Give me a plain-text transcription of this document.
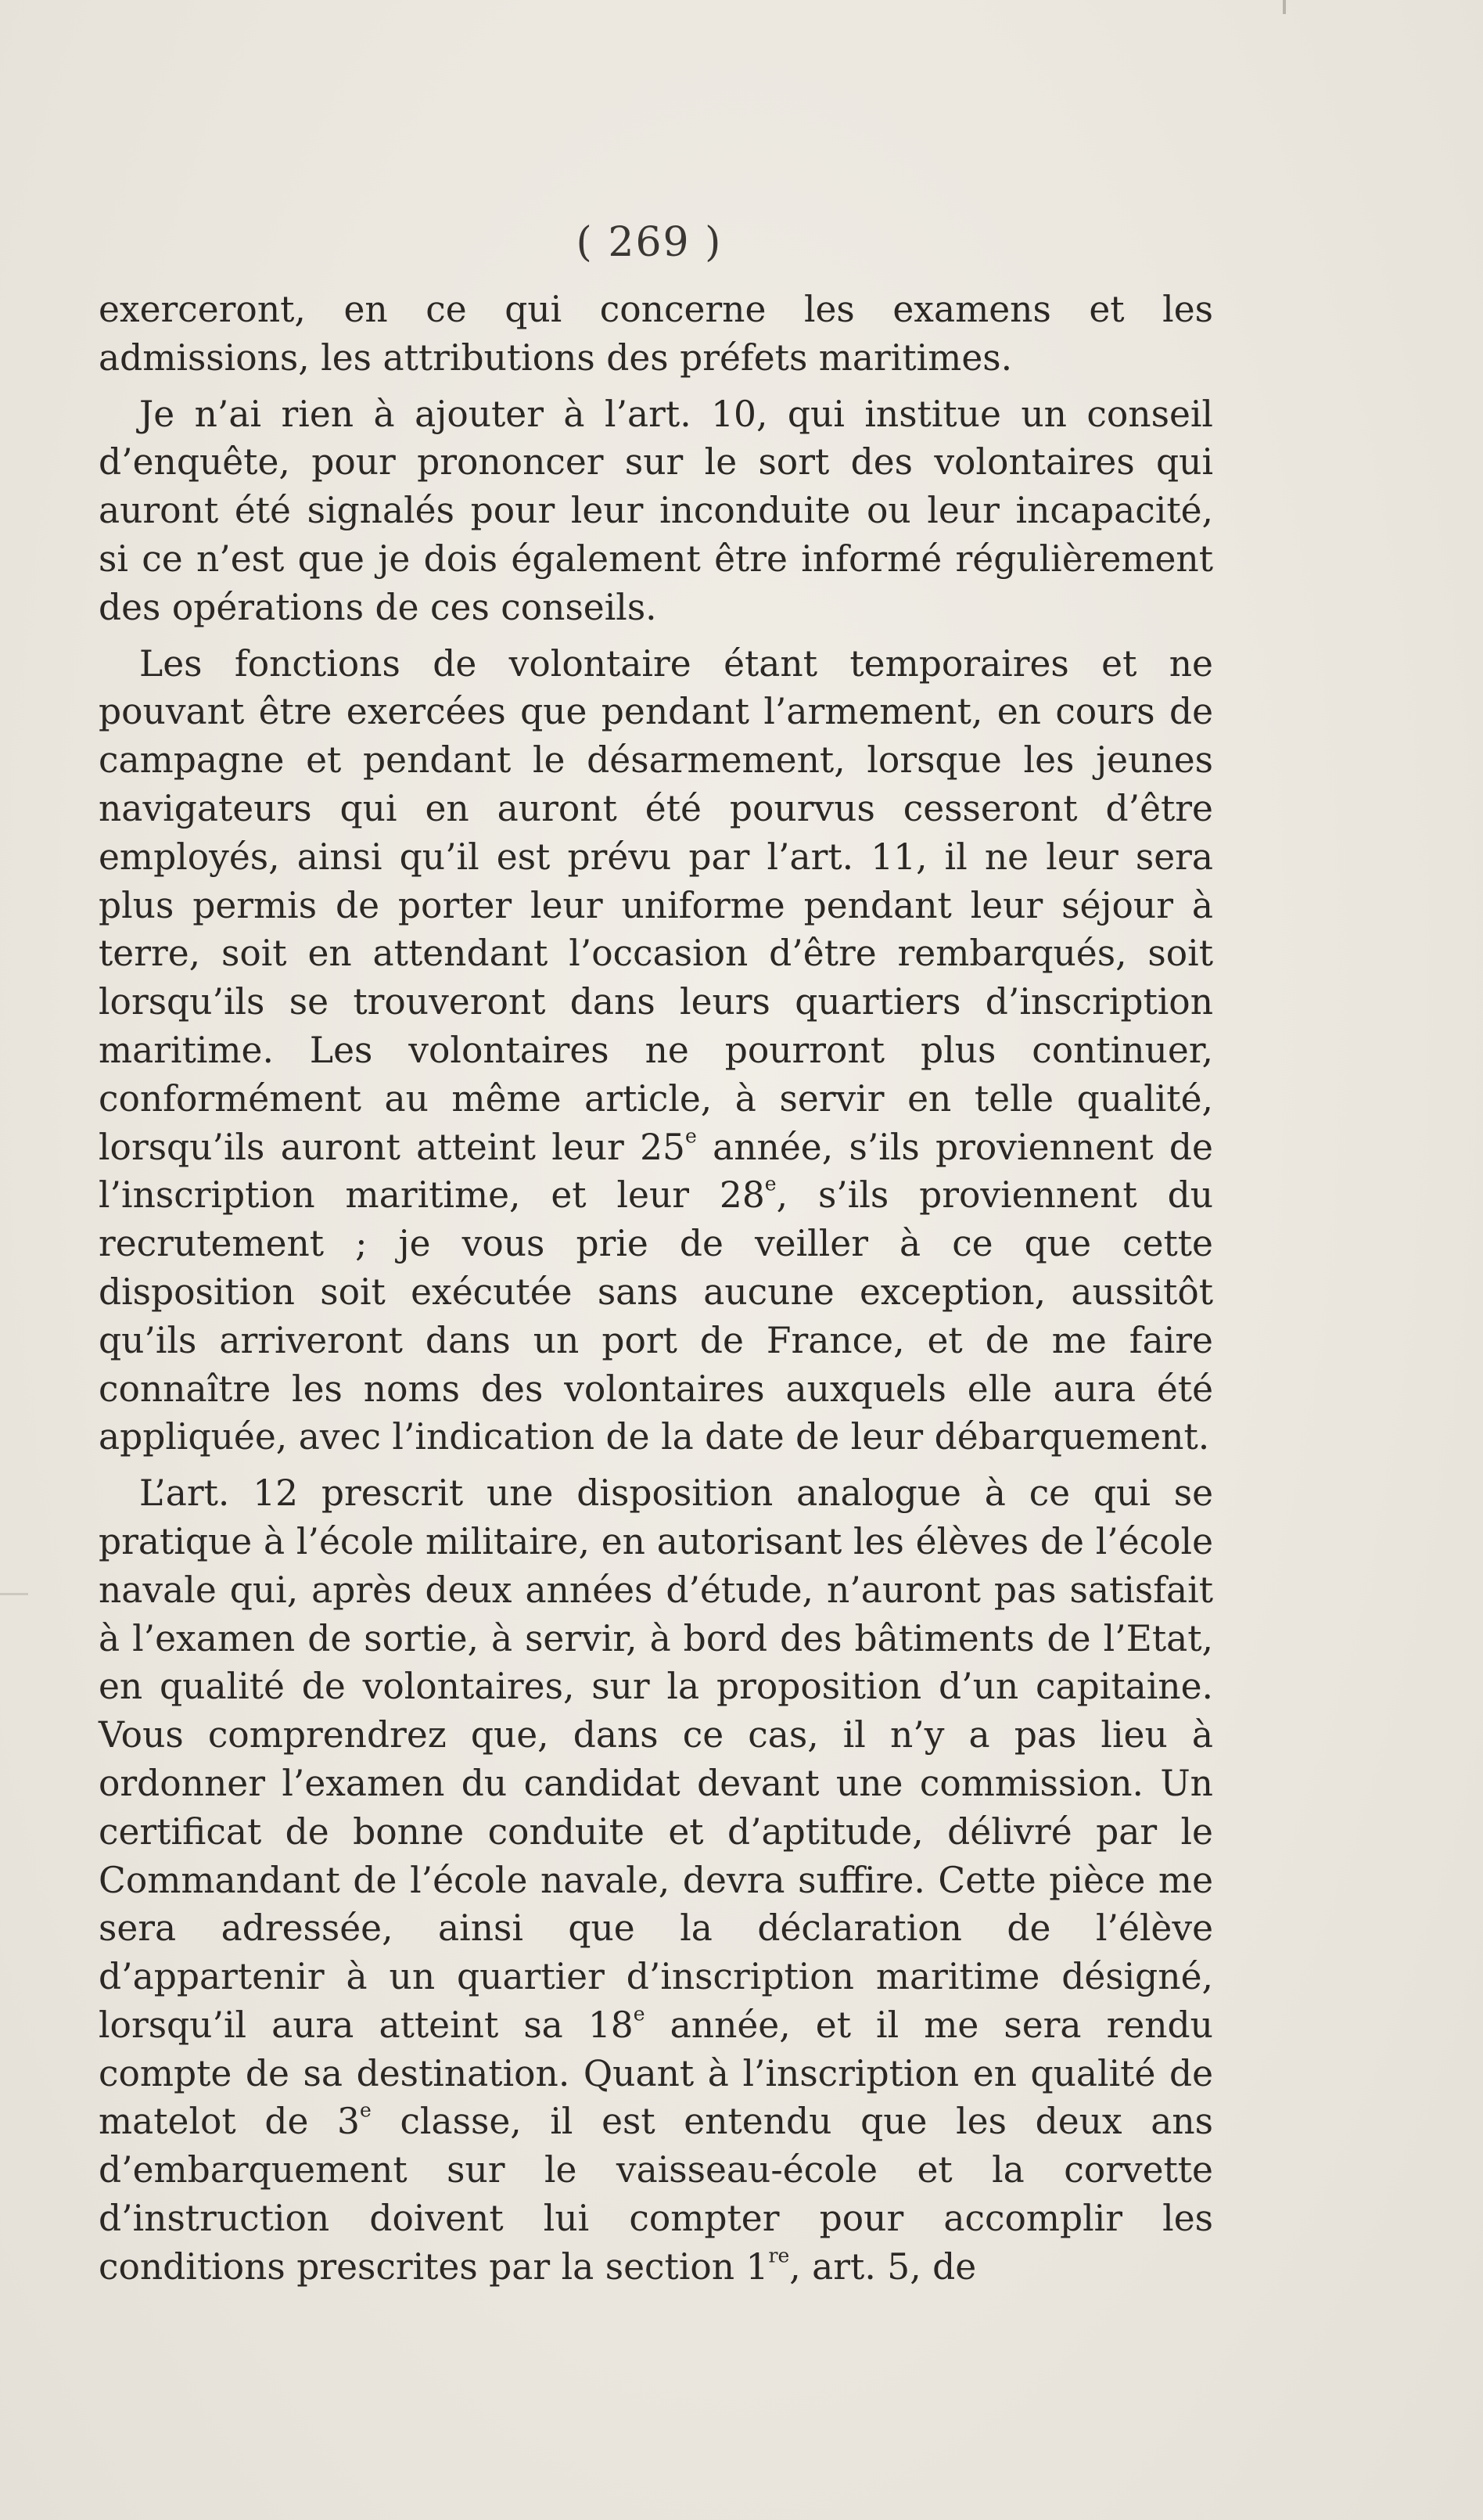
( 269 )

exerceront, en ce qui concerne les examens et les admissions, les attributions des préfets maritimes.

Je n’ai rien à ajouter à l’art. 10, qui institue un conseil d’enquête, pour prononcer sur le sort des volontaires qui auront été signalés pour leur inconduite ou leur incapacité, si ce n’est que je dois également être informé régulièrement des opérations de ces conseils.

Les fonctions de volontaire étant temporaires et ne pouvant être exercées que pendant l’armement, en cours de campagne et pendant le désarmement, lorsque les jeunes navigateurs qui en auront été pourvus cesseront d’être employés, ainsi qu’il est prévu par l’art. 11, il ne leur sera plus permis de porter leur uniforme pendant leur séjour à terre, soit en attendant l’occasion d’être rembarqués, soit lorsqu’ils se trouveront dans leurs quartiers d’inscription maritime. Les volontaires ne pourront plus continuer, conformément au même article, à servir en telle qualité, lorsqu’ils auront atteint leur 25e année, s’ils proviennent de l’inscription maritime, et leur 28e, s’ils proviennent du recrutement ; je vous prie de veiller à ce que cette disposition soit exécutée sans aucune exception, aussitôt qu’ils arriveront dans un port de France, et de me faire connaître les noms des volontaires auxquels elle aura été appliquée, avec l’indication de la date de leur débarquement.

L’art. 12 prescrit une disposition analogue à ce qui se pratique à l’école militaire, en autorisant les élèves de l’école navale qui, après deux années d’étude, n’auront pas satisfait à l’examen de sortie, à servir, à bord des bâtiments de l’Etat, en qualité de volontaires, sur la proposition d’un capitaine. Vous comprendrez que, dans ce cas, il n’y a pas lieu à ordonner l’examen du candidat devant une commission. Un certificat de bonne conduite et d’aptitude, délivré par le Commandant de l’école navale, devra suffire. Cette pièce me sera adressée, ainsi que la déclaration de l’élève d’appartenir à un quartier d’inscription maritime désigné, lorsqu’il aura atteint sa 18e année, et il me sera rendu compte de sa destination. Quant à l’inscription en qualité de matelot de 3e classe, il est entendu que les deux ans d’embarquement sur le vaisseau-école et la corvette d’instruction doivent lui compter pour accomplir les conditions prescrites par la section 1re, art. 5, de
